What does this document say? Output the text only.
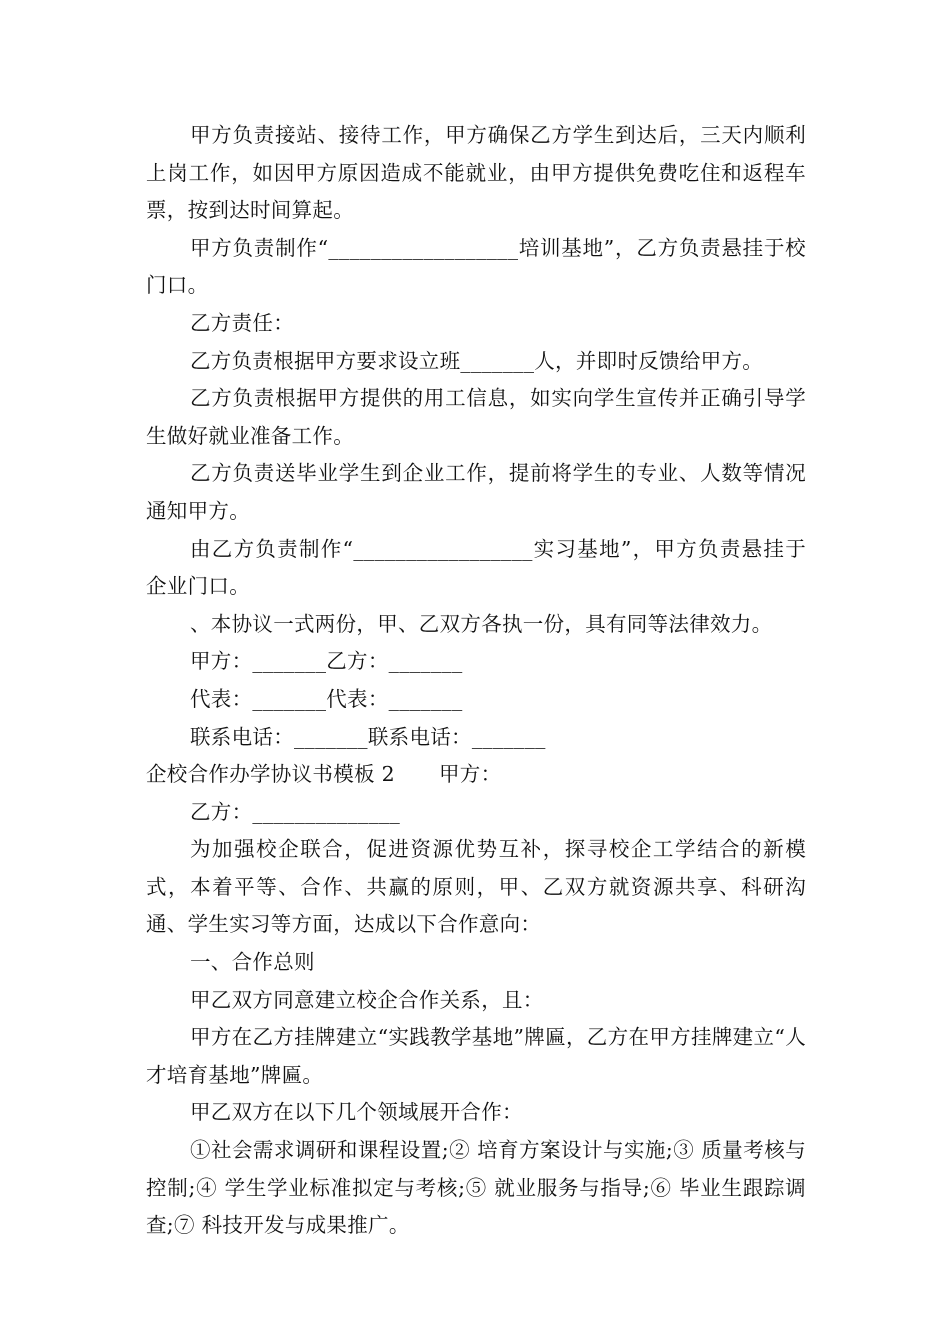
甲方负责接站、接待工作，甲方确保乙方学生到达后，三天内顺利上岗工作，如因甲方原因造成不能就业，由甲方提供免费吃住和返程车票，按到达时间算起。

甲方负责制作“__________________培训基地”，乙方负责悬挂于校门口。

乙方责任：

乙方负责根据甲方要求设立班_______人，并即时反馈给甲方。

乙方负责根据甲方提供的用工信息，如实向学生宣传并正确引导学生做好就业准备工作。

乙方负责送毕业学生到企业工作，提前将学生的专业、人数等情况通知甲方。

由乙方负责制作“_________________实习基地”，甲方负责悬挂于企业门口。

、本协议一式两份，甲、乙双方各执一份，具有同等法律效力。

甲方：_______乙方：_______

代表：_______代表：_______

联系电话：_______联系电话：_______

企校合作办学协议书模板 2 甲方：

乙方：______________

为加强校企联合，促进资源优势互补，探寻校企工学结合的新模式，本着平等、合作、共赢的原则，甲、乙双方就资源共享、科研沟通、学生实习等方面，达成以下合作意向：

一、合作总则

甲乙双方同意建立校企合作关系，且：

甲方在乙方挂牌建立“实践教学基地”牌匾，乙方在甲方挂牌建立“人才培育基地”牌匾。

甲乙双方在以下几个领域展开合作：

①社会需求调研和课程设置;② 培育方案设计与实施;③ 质量考核与控制;④ 学生学业标准拟定与考核;⑤ 就业服务与指导;⑥ 毕业生跟踪调查;⑦ 科技开发与成果推广。
